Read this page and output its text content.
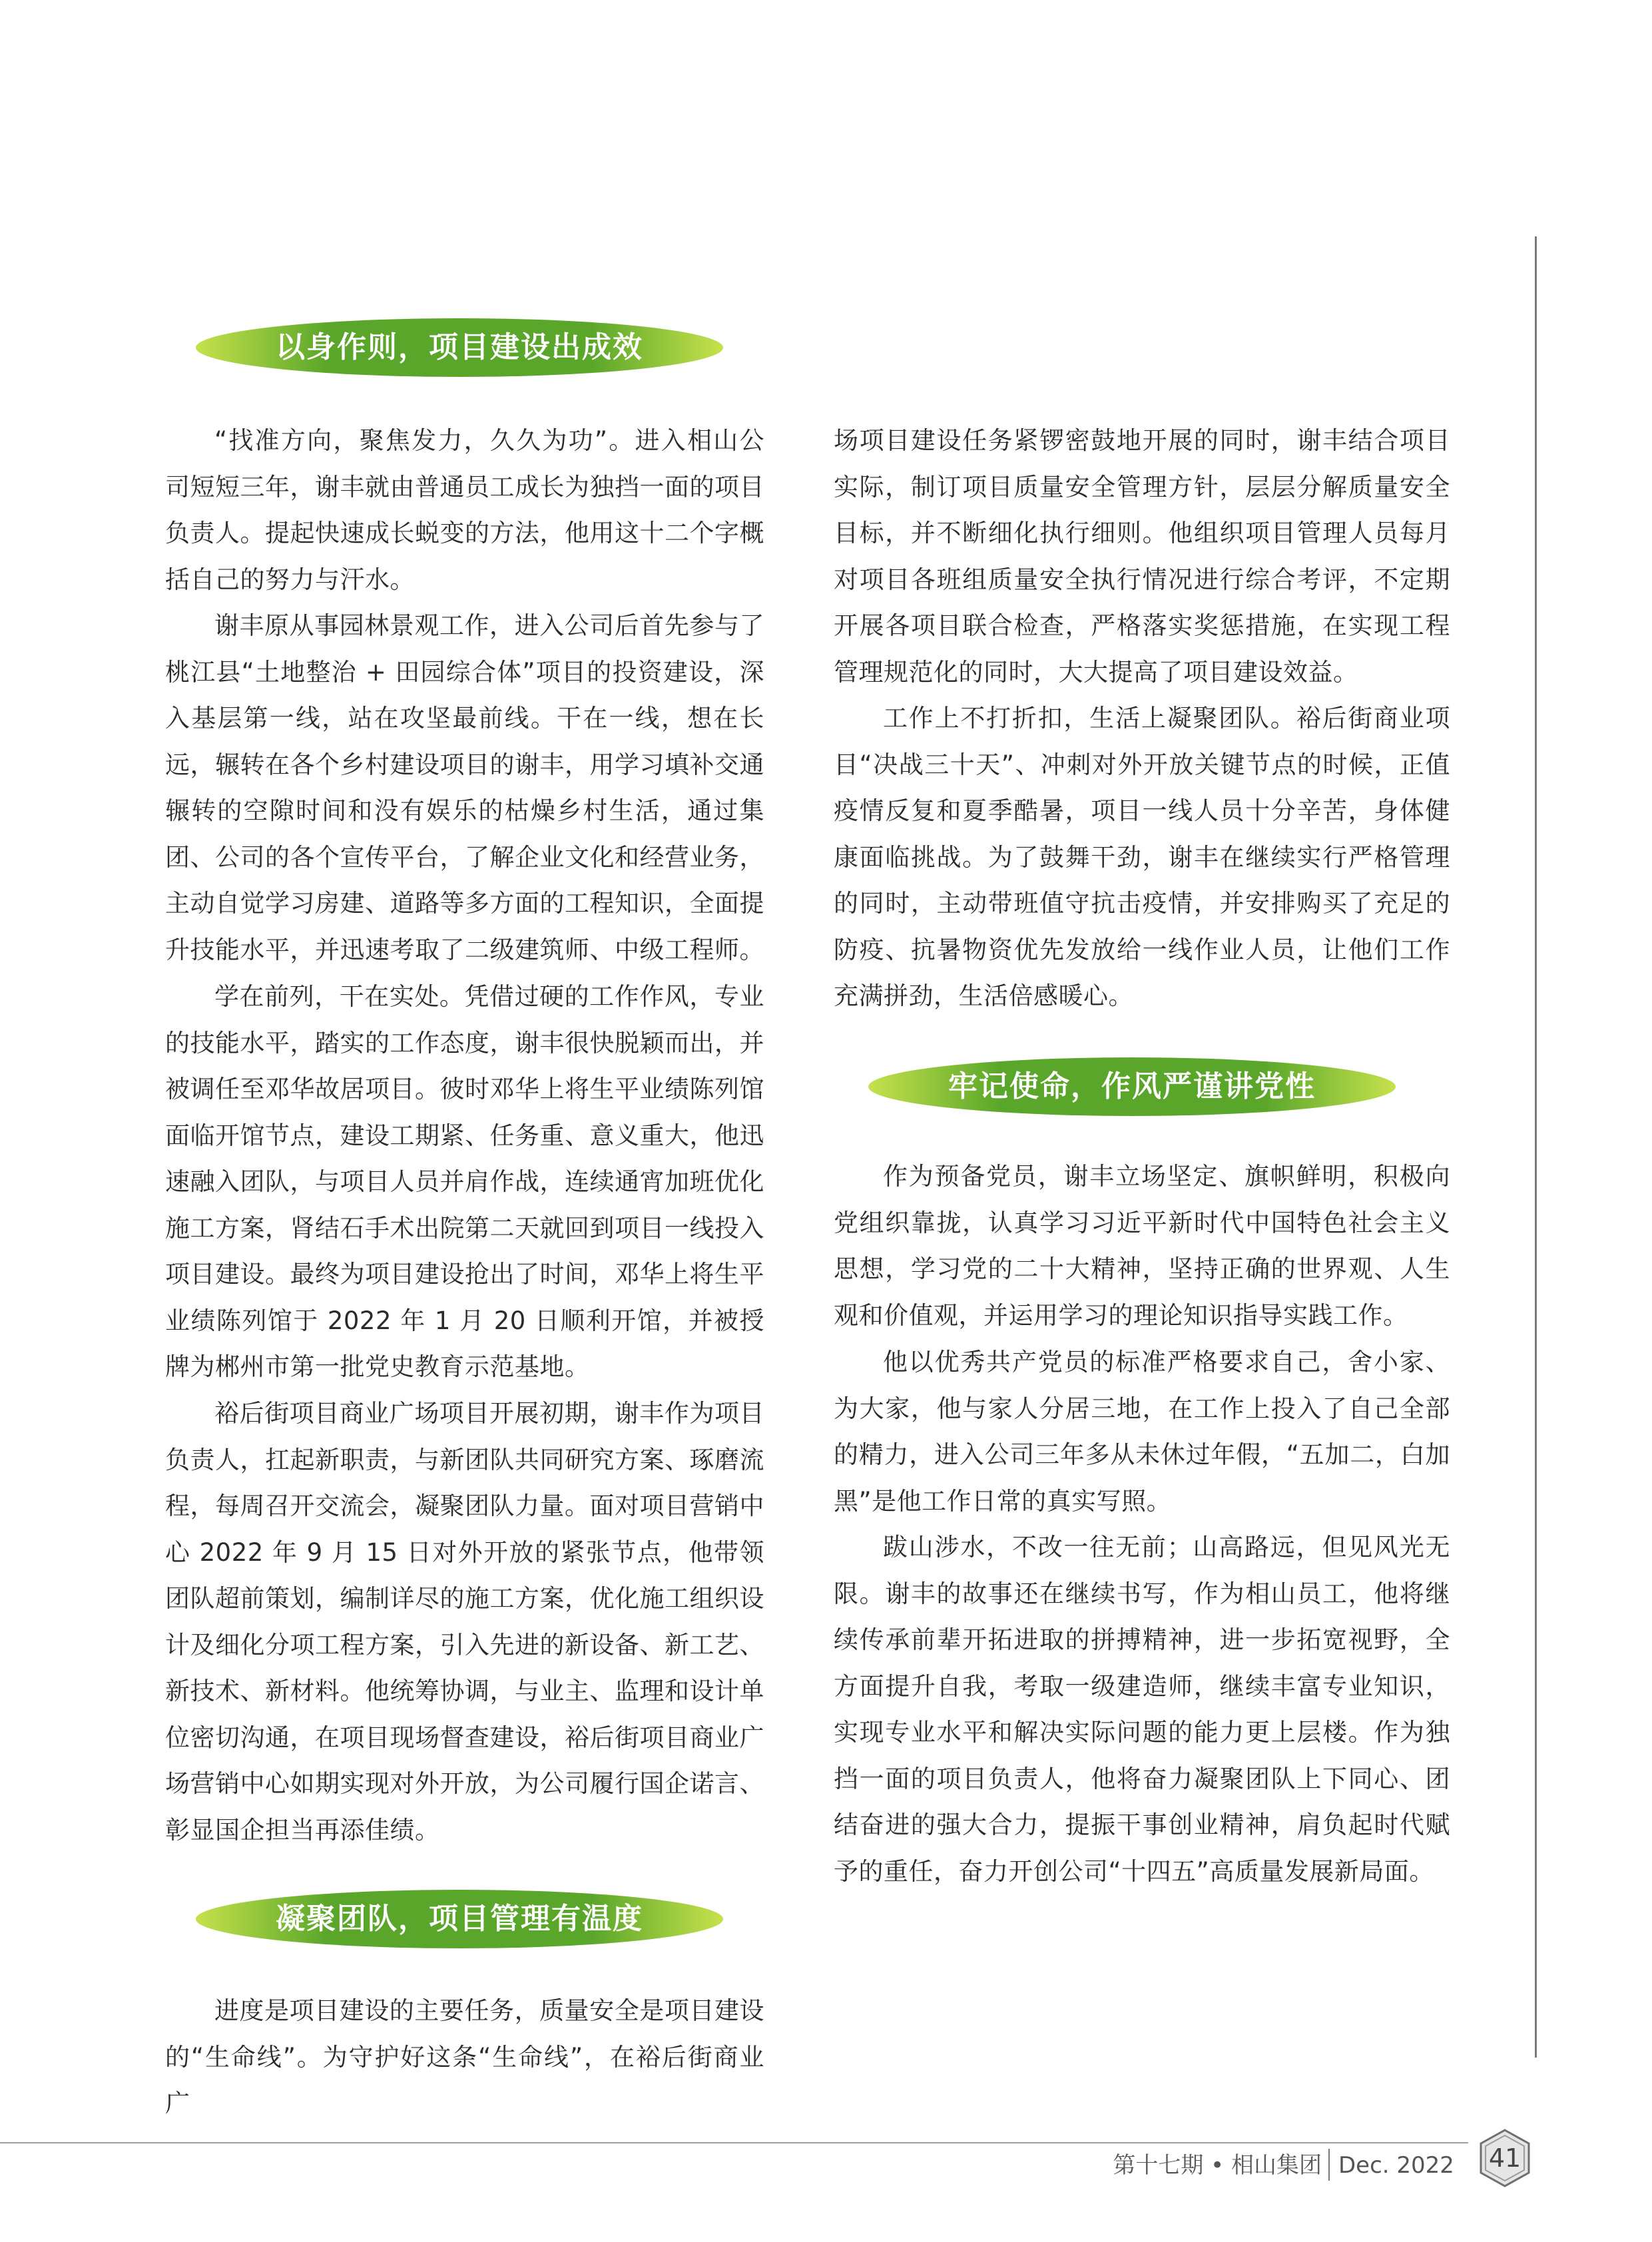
以身作则，项目建设出成效
凝聚团队，项目管理有温度
牢记使命，作风严谨讲党性

“找准方向，聚焦发力，久久为功”。进入相山公司短短三年，谢丰就由普通员工成长为独挡一面的项目负责人。提起快速成长蜕变的方法，他用这十二个字概括自己的努力与汗水。

谢丰原从事园林景观工作，进入公司后首先参与了桃江县“土地整治 + 田园综合体”项目的投资建设，深入基层第一线，站在攻坚最前线。干在一线，想在长远，辗转在各个乡村建设项目的谢丰，用学习填补交通辗转的空隙时间和没有娱乐的枯燥乡村生活，通过集团、公司的各个宣传平台，了解企业文化和经营业务，主动自觉学习房建、道路等多方面的工程知识，全面提升技能水平，并迅速考取了二级建筑师、中级工程师。

学在前列，干在实处。凭借过硬的工作作风，专业的技能水平，踏实的工作态度，谢丰很快脱颖而出，并被调任至邓华故居项目。彼时邓华上将生平业绩陈列馆面临开馆节点，建设工期紧、任务重、意义重大，他迅速融入团队，与项目人员并肩作战，连续通宵加班优化施工方案，肾结石手术出院第二天就回到项目一线投入项目建设。最终为项目建设抢出了时间，邓华上将生平业绩陈列馆于 2022 年 1 月 20 日顺利开馆，并被授牌为郴州市第一批党史教育示范基地。

裕后街项目商业广场项目开展初期，谢丰作为项目负责人，扛起新职责，与新团队共同研究方案、琢磨流程，每周召开交流会，凝聚团队力量。面对项目营销中心 2022 年 9 月 15 日对外开放的紧张节点，他带领团队超前策划，编制详尽的施工方案，优化施工组织设计及细化分项工程方案，引入先进的新设备、新工艺、新技术、新材料。他统筹协调，与业主、监理和设计单位密切沟通，在项目现场督查建设，裕后街项目商业广场营销中心如期实现对外开放，为公司履行国企诺言、彰显国企担当再添佳绩。

进度是项目建设的主要任务，质量安全是项目建设的“生命线”。为守护好这条“生命线”，在裕后街商业广

场项目建设任务紧锣密鼓地开展的同时，谢丰结合项目实际，制订项目质量安全管理方针，层层分解质量安全目标，并不断细化执行细则。他组织项目管理人员每月对项目各班组质量安全执行情况进行综合考评，不定期开展各项目联合检查，严格落实奖惩措施，在实现工程管理规范化的同时，大大提高了项目建设效益。

工作上不打折扣，生活上凝聚团队。裕后街商业项目“决战三十天”、冲刺对外开放关键节点的时候，正值疫情反复和夏季酷暑，项目一线人员十分辛苦，身体健康面临挑战。为了鼓舞干劲，谢丰在继续实行严格管理的同时，主动带班值守抗击疫情，并安排购买了充足的防疫、抗暑物资优先发放给一线作业人员，让他们工作充满拼劲，生活倍感暖心。

作为预备党员，谢丰立场坚定、旗帜鲜明，积极向党组织靠拢，认真学习习近平新时代中国特色社会主义思想，学习党的二十大精神，坚持正确的世界观、人生观和价值观，并运用学习的理论知识指导实践工作。

他以优秀共产党员的标准严格要求自己，舍小家、为大家，他与家人分居三地，在工作上投入了自己全部的精力，进入公司三年多从未休过年假，“五加二，白加黑”是他工作日常的真实写照。

跋山涉水，不改一往无前；山高路远，但见风光无限。谢丰的故事还在继续书写，作为相山员工，他将继续传承前辈开拓进取的拼搏精神，进一步拓宽视野，全方面提升自我，考取一级建造师，继续丰富专业知识，实现专业水平和解决实际问题的能力更上层楼。作为独挡一面的项目负责人，他将奋力凝聚团队上下同心、团结奋进的强大合力，提振干事创业精神，肩负起时代赋予的重任，奋力开创公司“十四五”高质量发展新局面。

第十七期 • 相山集团 Dec. 2022	41
